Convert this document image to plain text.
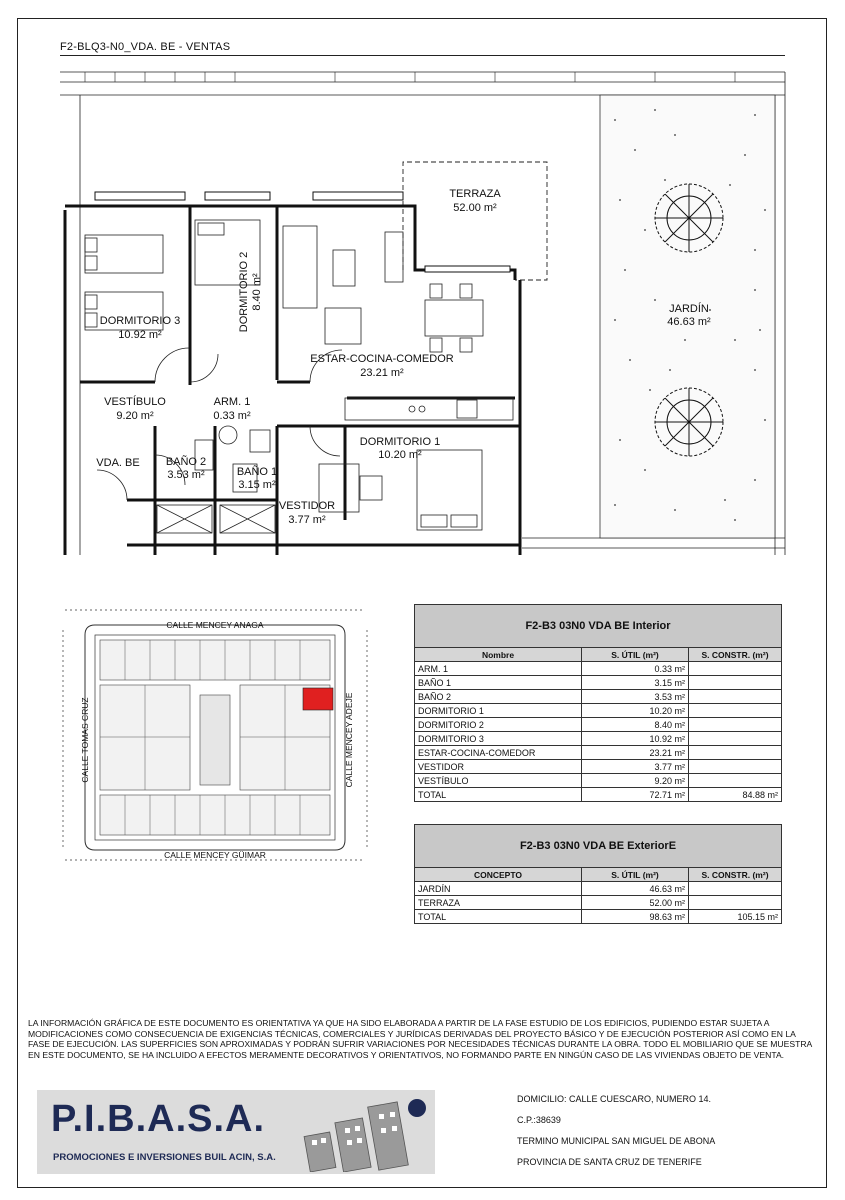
F2-BLQ3-N0_VDA. BE - VENTAS
TERRAZA
52.00 m²
JARDÍN
46.63 m²
DORMITORIO 3
10.92 m²
DORMITORIO 2 8.40 m²
ESTAR-COCINA-COMEDOR
23.21 m²
VESTÍBULO
9.20 m²
ARM. 1
0.33 m²
DORMITORIO 1
10.20 m²
VDA. BE BAÑO 2
3.53 m²	BAÑO 1
3.15 m²
VESTIDOR
3.77 m²
CALLE MENCEY ANAGA
CALLE MENCEY GÜIMAR
CALLE TOMAS CRUZ	CALLE MENCEY ADEJE
F2-B3 03N0 VDA BE Interior		
Nombre	S. ÚTIL (m²)	S. CONSTR. (m²)
ARM. 1	0.33 m²	
BAÑO 1	3.15 m²	
BAÑO 2	3.53 m²	
DORMITORIO 1	10.20 m²	
DORMITORIO 2	8.40 m²	
DORMITORIO 3	10.92 m²	
ESTAR-COCINA-COMEDOR	23.21 m²	
VESTIDOR	3.77 m²	
VESTÍBULO	9.20 m²	
TOTAL	72.71 m²	84.88 m²
F2-B3 03N0 VDA BE ExteriorE		
CONCEPTO	S. ÚTIL (m²)	S. CONSTR. (m²)
JARDÍN	46.63 m²	
TERRAZA	52.00 m²	
TOTAL	98.63 m²	105.15 m²
LA INFORMACIÓN GRÁFICA DE ESTE DOCUMENTO ES ORIENTATIVA YA QUE HA SIDO ELABORADA A PARTIR DE LA FASE ESTUDIO DE LOS EDIFICIOS, PUDIENDO ESTAR SUJETA A MODIFICACIONES COMO CONSECUENCIA DE EXIGENCIAS TÉCNICAS, COMERCIALES Y JURÍDICAS DERIVADAS DEL PROYECTO BÁSICO Y DE EJECUCIÓN POSTERIOR ASÍ COMO EN LA FASE DE EJECUCIÓN. LAS SUPERFICIES SON APROXIMADAS Y PODRÁN SUFRIR VARIACIONES POR NECESIDADES TÉCNICAS DURANTE LA OBRA. TODO EL MOBILIARIO QUE SE MUESTRA EN ESTE DOCUMENTO, SE HA INCLUIDO A EFECTOS MERAMENTE DECORATIVOS Y ORIENTATIVOS, NO FORMANDO PARTE EN NINGÚN CASO DE LAS VIVIENDAS OBJETO DE VENTA.
P.I.B.A.S.A.
PROMOCIONES E INVERSIONES BUIL ACIN, S.A.
DOMICILIO: CALLE CUESCARO, NUMERO 14.
C.P.:38639
TERMINO MUNICIPAL SAN MIGUEL DE ABONA
PROVINCIA DE SANTA CRUZ DE TENERIFE
